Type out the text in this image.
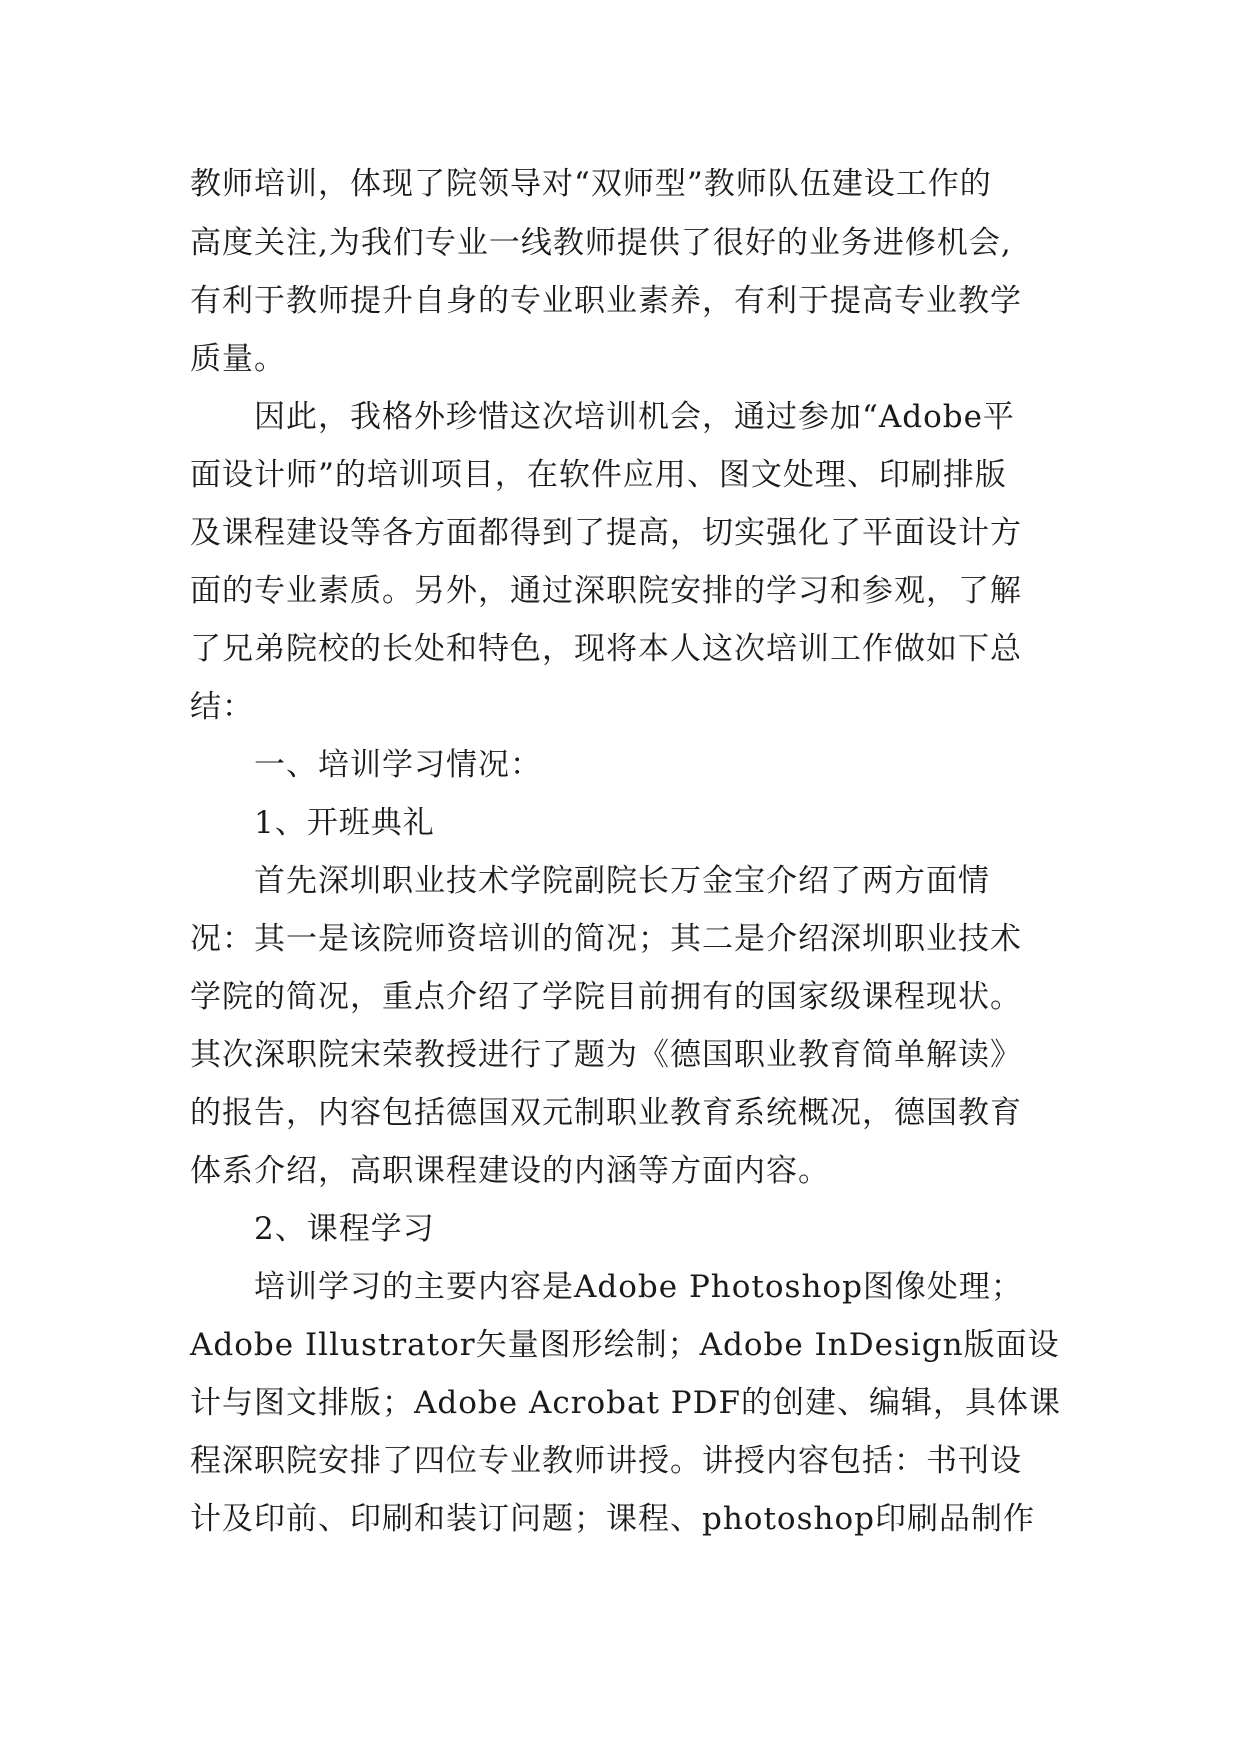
教师培训，体现了院领导对“双师型”教师队伍建设工作的
高度关注,为我们专业一线教师提供了很好的业务进修机会,
有利于教师提升自身的专业职业素养，有利于提高专业教学
质量。
因此，我格外珍惜这次培训机会，通过参加“Adobe平
面设计师”的培训项目，在软件应用、图文处理、印刷排版
及课程建设等各方面都得到了提高，切实强化了平面设计方
面的专业素质。另外，通过深职院安排的学习和参观，了解
了兄弟院校的长处和特色，现将本人这次培训工作做如下总
结：
一、培训学习情况：
1、开班典礼
首先深圳职业技术学院副院长万金宝介绍了两方面情
况：其一是该院师资培训的简况；其二是介绍深圳职业技术
学院的简况，重点介绍了学院目前拥有的国家级课程现状。
其次深职院宋荣教授进行了题为《德国职业教育简单解读》
的报告，内容包括德国双元制职业教育系统概况，德国教育
体系介绍，高职课程建设的内涵等方面内容。
2、课程学习
培训学习的主要内容是Adobe Photoshop图像处理；
Adobe Illustrator矢量图形绘制；Adobe InDesign版面设
计与图文排版；Adobe Acrobat PDF的创建、编辑，具体课
程深职院安排了四位专业教师讲授。讲授内容包括：书刊设
计及印前、印刷和装订问题；课程、photoshop印刷品制作
